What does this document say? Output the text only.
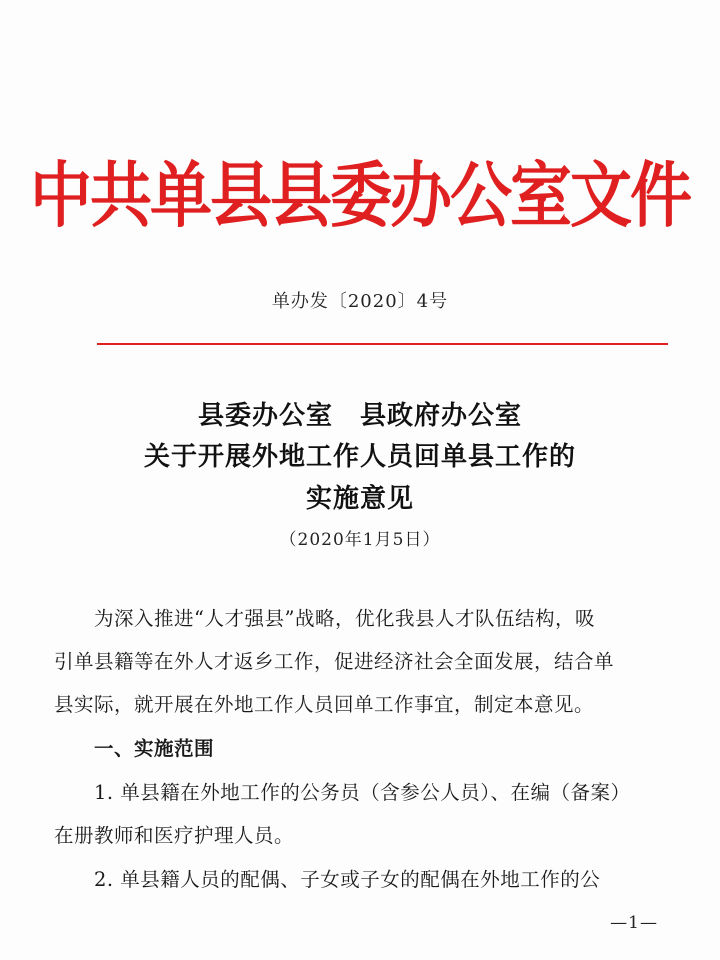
中共单县县委办公室文件
单办发〔2020〕4号
县委办公室　县政府办公室
关于开展外地工作人员回单县工作的
实施意见
（2020年1月5日）
　　为深入推进“人才强县”战略，优化我县人才队伍结构，吸
引单县籍等在外人才返乡工作，促进经济社会全面发展，结合单
县实际，就开展在外地工作人员回单工作事宜，制定本意见。
　　一、实施范围
　　1. 单县籍在外地工作的公务员（含参公人员）、在编（备案）
在册教师和医疗护理人员。
　　2. 单县籍人员的配偶、子女或子女的配偶在外地工作的公
—1—
